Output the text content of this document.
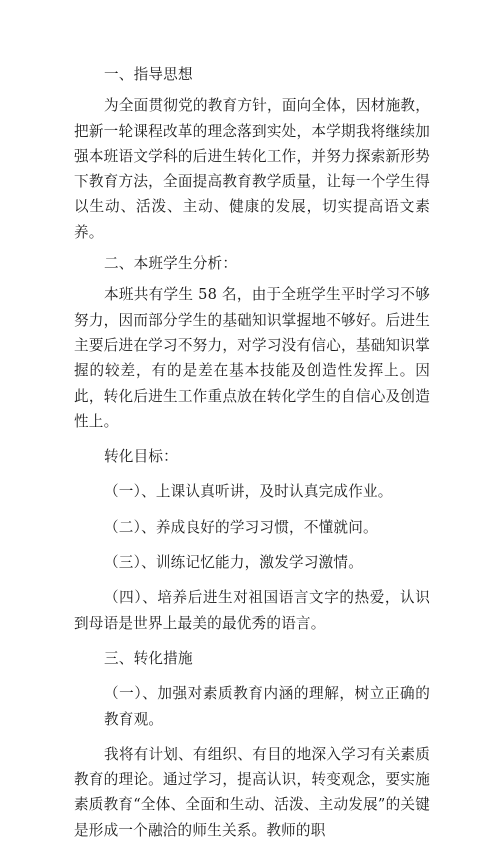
一、指导思想

为全面贯彻党的教育方针，面向全体，因材施教，把新一轮课程改革的理念落到实处，本学期我将继续加强本班语文学科的后进生转化工作，并努力探索新形势下教育方法，全面提高教育教学质量，让每一个学生得以生动、活泼、主动、健康的发展，切实提高语文素养。

二、本班学生分析：

本班共有学生 58 名，由于全班学生平时学习不够努力，因而部分学生的基础知识掌握地不够好。后进生主要后进在学习不努力，对学习没有信心，基础知识掌握的较差，有的是差在基本技能及创造性发挥上。因此，转化后进生工作重点放在转化学生的自信心及创造性上。

转化目标：

（一）、上课认真听讲，及时认真完成作业。

（二）、养成良好的学习习惯，不懂就问。

（三）、训练记忆能力，激发学习激情。

（四）、培养后进生对祖国语言文字的热爱，认识到母语是世界上最美的最优秀的语言。

三、转化措施

（一）、加强对素质教育内涵的理解，树立正确的教育观。

我将有计划、有组织、有目的地深入学习有关素质教育的理论。通过学习，提高认识，转变观念，要实施素质教育“全体、全面和生动、活泼、主动发展”的关键是形成一个融洽的师生关系。教师的职
